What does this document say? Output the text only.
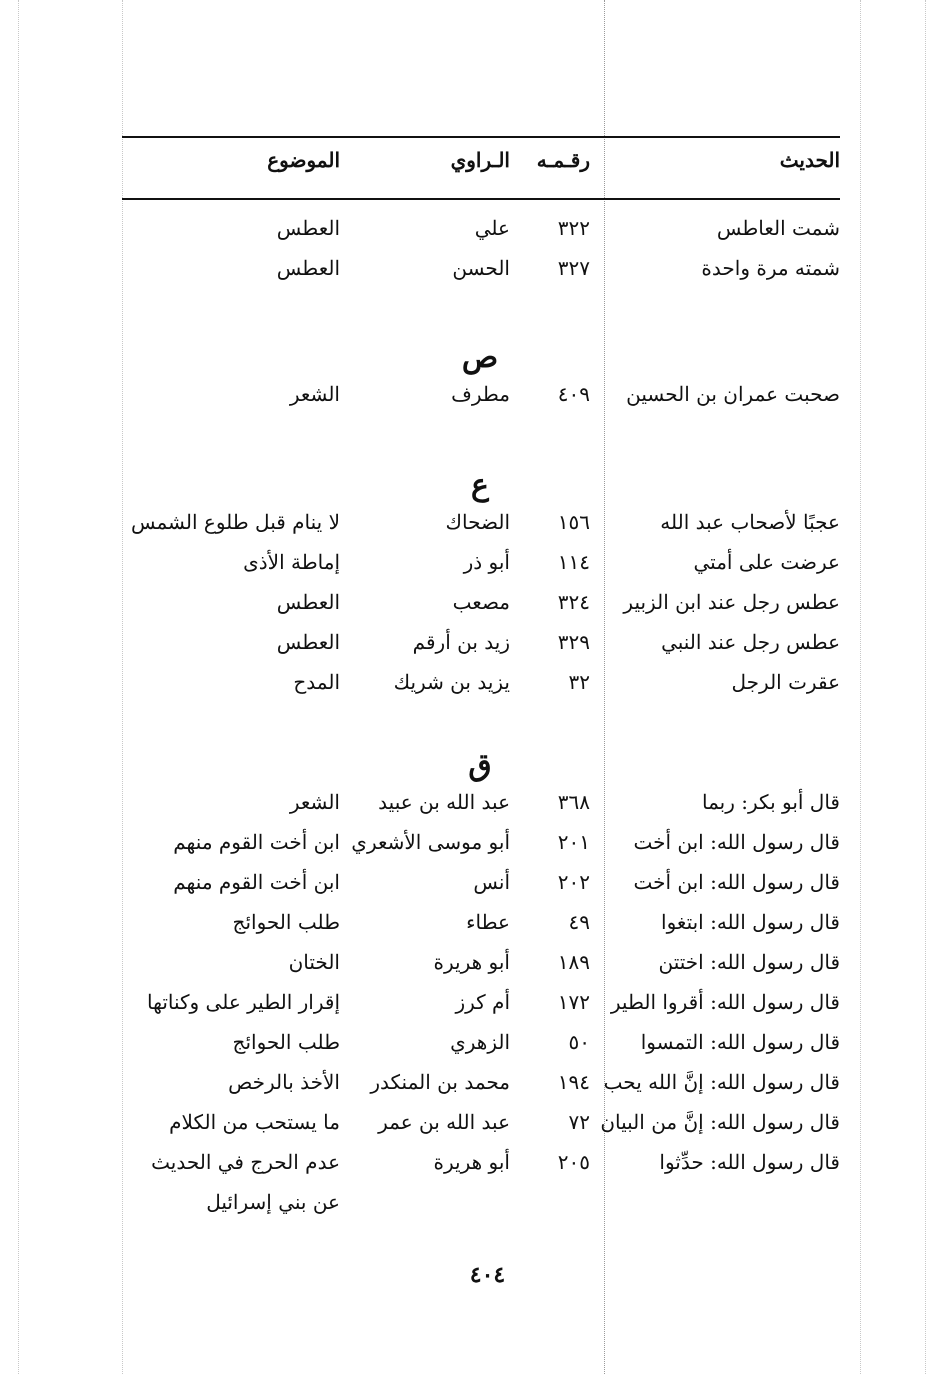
الحديث
رقـمـه
الـراوي
الموضوع
شمت العاطس
٣٢٢
علي
العطس
شمته مرة واحدة
٣٢٧
الحسن
العطس
ص
صحبت عمران بن الحسين
٤٠٩
مطرف
الشعر
ع
عجبًا لأصحاب عبد الله
١٥٦
الضحاك
لا ينام قبل طلوع الشمس
عرضت على أمتي
١١٤
أبو ذر
إماطة الأذى
عطس رجل عند ابن الزبير
٣٢٤
مصعب
العطس
عطس رجل عند النبي
٣٢٩
زيد بن أرقم
العطس
عقرت الرجل
٣٢
يزيد بن شريك
المدح
ق
قال أبو بكر: ربما
٣٦٨
عبد الله بن عبيد
الشعر
قال رسول الله: ابن أخت
٢٠١
أبو موسى الأشعري
ابن أخت القوم منهم
قال رسول الله: ابن أخت
٢٠٢
أنس
ابن أخت القوم منهم
قال رسول الله: ابتغوا
٤٩
عطاء
طلب الحوائج
قال رسول الله: اختتن
١٨٩
أبو هريرة
الختان
قال رسول الله: أقروا الطير
١٧٢
أم كرز
إقرار الطير على وكناتها
قال رسول الله: التمسوا
٥٠
الزهري
طلب الحوائج
قال رسول الله: إنَّ الله يحب
١٩٤
محمد بن المنكدر
الأخذ بالرخص
قال رسول الله: إنَّ من البيان
٧٢
عبد الله بن عمر
ما يستحب من الكلام
قال رسول الله: حدِّثوا
٢٠٥
أبو هريرة
عدم الحرج في الحديث
عن بني إسرائيل
٤٠٤
